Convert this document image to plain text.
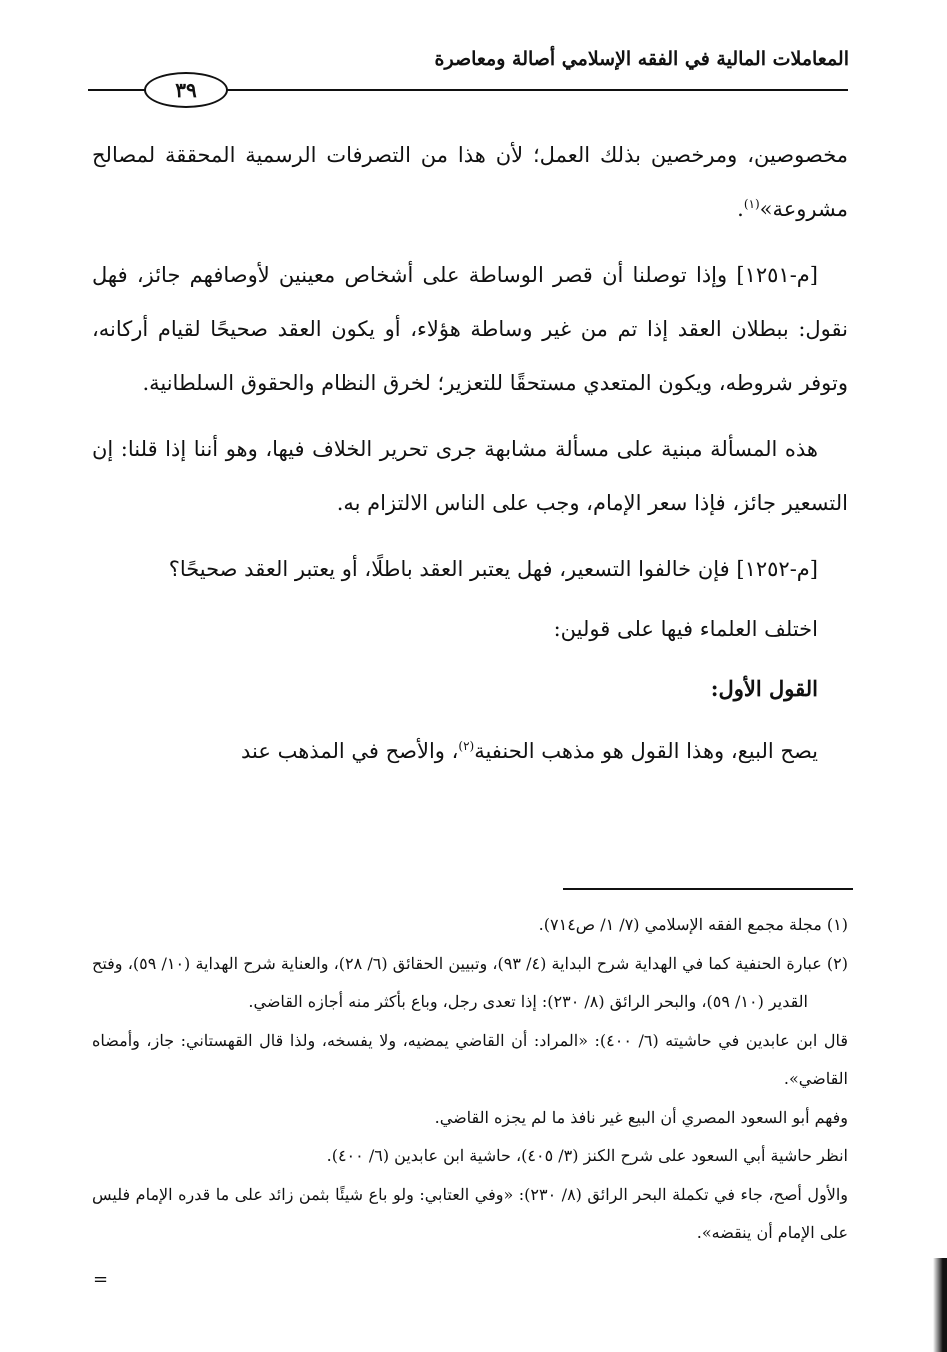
المعاملات المالية في الفقه الإسلامي أصالة ومعاصرة
٣٩

مخصوصين، ومرخصين بذلك العمل؛ لأن هذا من التصرفات الرسمية المحققة لمصالح مشروعة»$^{(١)}$.

[م-١٢٥١] وإذا توصلنا أن قصر الوساطة على أشخاص معينين لأوصافهم جائز، فهل نقول: ببطلان العقد إذا تم من غير وساطة هؤلاء، أو يكون العقد صحيحًا لقيام أركانه، وتوفر شروطه، ويكون المتعدي مستحقًا للتعزير؛ لخرق النظام والحقوق السلطانية.

هذه المسألة مبنية على مسألة مشابهة جرى تحرير الخلاف فيها، وهو أننا إذا قلنا: إن التسعير جائز، فإذا سعر الإمام، وجب على الناس الالتزام به.

[م-١٢٥٢] فإن خالفوا التسعير، فهل يعتبر العقد باطلًا، أو يعتبر العقد صحيحًا؟

اختلف العلماء فيها على قولين:

القول الأول:

يصح البيع، وهذا القول هو مذهب الحنفية$^{(٢)}$، والأصح في المذهب عند

(١) مجلة مجمع الفقه الإسلامي (٧/ ١/ ص٧١٤).

(٢) عبارة الحنفية كما في الهداية شرح البداية (٤/ ٩٣)، وتبيين الحقائق (٦/ ٢٨)، والعناية شرح الهداية (١٠/ ٥٩)، وفتح القدير (١٠/ ٥٩)، والبحر الرائق (٨/ ٢٣٠): إذا تعدى رجل، وباع بأكثر منه أجازه القاضي.

قال ابن عابدين في حاشيته (٦/ ٤٠٠): «المراد: أن القاضي يمضيه، ولا يفسخه، ولذا قال القهستاني: جاز، وأمضاه القاضي».

وفهم أبو السعود المصري أن البيع غير نافذ ما لم يجزه القاضي.

انظر حاشية أبي السعود على شرح الكنز (٣/ ٤٠٥)، حاشية ابن عابدين (٦/ ٤٠٠).

والأول أصح، جاء في تكملة البحر الرائق (٨/ ٢٣٠): «وفي العتابي: ولو باع شيئًا بثمن زائد على ما قدره الإمام فليس على الإمام أن ينقضه».

=
